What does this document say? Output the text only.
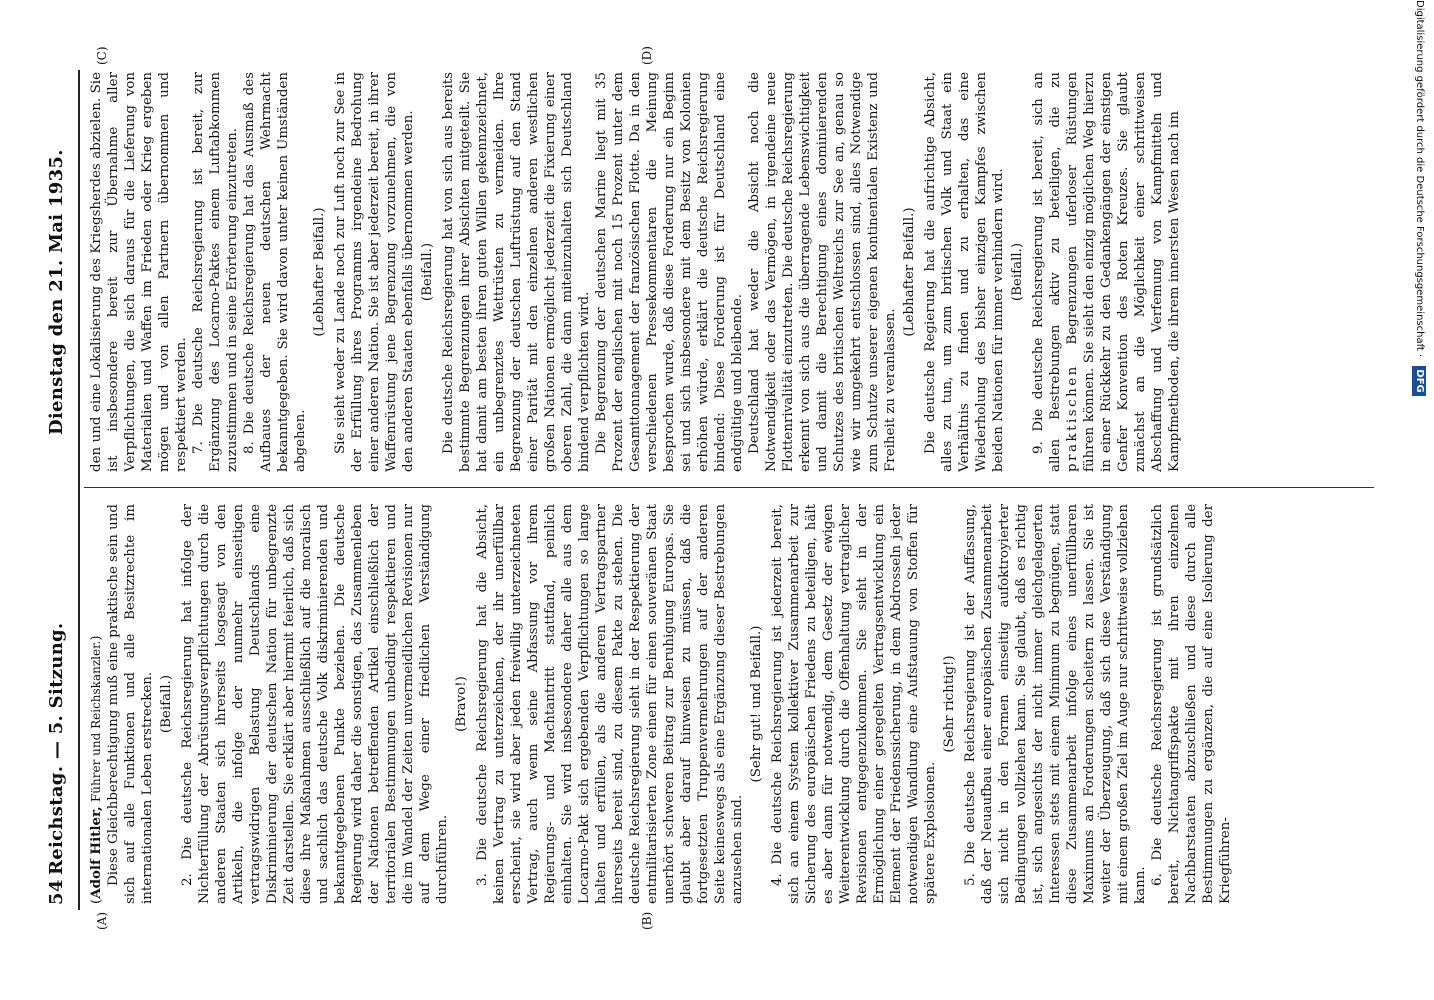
54
Reichstag. — 5. Sitzung.
Dienstag den 21. Mai 1935.
(A)	(B)
(C)	(D)

(Adolf Hitler, Führer und Reichskanzler.) Diese Gleichberechtigung muß eine praktische sein und sich auf alle Funktionen und alle Besitzrechte im internationalen Leben erstrecken. (Beifall.) 2. Die deutsche Reichsregierung hat infolge der Nichterfüllung der Abrüstungsverpflichtungen durch die anderen Staaten sich ihrerseits losgesagt von den Artikeln, die infolge der nunmehr einseitigen vertragswidrigen Belastung Deutschlands eine Diskriminierung der deutschen Nation für unbegrenzte Zeit darstellen. Sie erklärt aber hiermit feierlich, daß sich diese ihre Maßnahmen ausschließlich auf die moralisch und sachlich das deutsche Volk diskriminierenden und bekanntgegebenen Punkte beziehen. Die deutsche Regierung wird daher die sonstigen, das Zusammenleben der Nationen betreffenden Artikel einschließlich der territorialen Bestimmungen unbedingt respektieren und die im Wandel der Zeiten unvermeidlichen Revisionen nur auf dem Wege einer friedlichen Verständigung durchführen.

(Bravo!) 3. Die deutsche Reichsregierung hat die Absicht, keinen Vertrag zu unterzeichnen, der ihr unerfüllbar erscheint, sie wird aber jeden freiwillig unterzeichneten Vertrag, auch wenn seine Abfassung vor ihrem Regierungs- und Machtantritt stattfand, peinlich einhalten. Sie wird insbesondere daher alle aus dem Locarno-Pakt sich ergebenden Verpflichtungen so lange halten und erfüllen, als die anderen Vertragspartner ihrerseits bereit sind, zu diesem Pakte zu stehen. Die deutsche Reichsregierung sieht in der Respektierung der entmilitarisierten Zone einen für einen souveränen Staat unerhört schweren Beitrag zur Beruhigung Europas. Sie glaubt aber darauf hinweisen zu müssen, daß die fortgesetzten Truppenvermehrungen auf der anderen Seite keineswegs als eine Ergänzung dieser Bestrebungen anzusehen sind.

(Sehr gut! und Beifall.) 4. Die deutsche Reichsregierung ist jederzeit bereit, sich an einem System kollektiver Zusammenarbeit zur Sicherung des europäischen Friedens zu beteiligen, hält es aber dann für notwendig, dem Gesetz der ewigen Weiterentwicklung durch die Offenhaltung vertraglicher Revisionen entgegenzukommen. Sie sieht in der Ermöglichung einer geregelten Vertragsentwicklung ein Element der Friedenssicherung, in dem Abdrosseln jeder notwendigen Wandlung eine Aufstauung von Stoffen für spätere Explosionen.

(Sehr richtig!) 5. Die deutsche Reichsregierung ist der Auffassung, daß der Neuaufbau einer europäischen Zusammenarbeit sich nicht in den Formen einseitig aufoktroyierter Bedingungen vollziehen kann. Sie glaubt, daß es richtig ist, sich angesichts der nicht immer gleichgelagerten Interessen stets mit einem Minimum zu begnügen, statt diese Zusammenarbeit infolge eines unerfüllbaren Maximums an Forderungen scheitern zu lassen. Sie ist weiter der Überzeugung, daß sich diese Verständigung mit einem großen Ziel im Auge nur schrittweise vollziehen kann. 6. Die deutsche Reichsregierung ist grundsätzlich bereit, Nichtangriffspakte mit ihren einzelnen Nachbarstaaten abzuschließen und diese durch alle Bestimmungen zu ergänzen, die auf eine Isolierung der Kriegführen-

den und eine Lokalisierung des Kriegsherdes abzielen. Sie ist insbesondere bereit zur Übernahme aller Verpflichtungen, die sich daraus für die Lieferung von Materialien und Waffen im Frieden oder Krieg ergeben mögen und von allen Partnern übernommen und respektiert werden. 7. Die deutsche Reichsregierung ist bereit, zur Ergänzung des Locarno-Paktes einem Luftabkommen zuzustimmen und in seine Erörterung einzutreten. 8. Die deutsche Reichsregierung hat das Ausmaß des Aufbaues der neuen deutschen Wehrmacht bekanntgegeben. Sie wird davon unter keinen Umständen abgehen.

(Lebhafter Beifall.) Sie sieht weder zu Lande noch zur Luft noch zur See in der Erfüllung ihres Programms irgendeine Bedrohung einer anderen Nation. Sie ist aber jederzeit bereit, in ihrer Waffenrüstung jene Begrenzung vorzunehmen, die von den anderen Staaten ebenfalls übernommen werden. (Beifall.) Die deutsche Reichsregierung hat von sich aus bereits bestimmte Begrenzungen ihrer Absichten mitgeteilt. Sie hat damit am besten ihren guten Willen gekennzeichnet, ein unbegrenztes Wettrüsten zu vermeiden. Ihre Begrenzung der deutschen Luftrüstung auf den Stand einer Parität mit den einzelnen anderen westlichen großen Nationen ermöglicht jederzeit die Fixierung einer oberen Zahl, die dann miteinzuhalten sich Deutschland bindend verpflichten wird. Die Begrenzung der deutschen Marine liegt mit 35 Prozent der englischen mit noch 15 Prozent unter dem Gesamttonnagement der französischen Flotte. Da in den verschiedenen Pressekommentaren die Meinung besprochen wurde, daß diese Forderung nur ein Beginn sei und sich insbesondere mit dem Besitz von Kolonien erhöhen würde, erklärt die deutsche Reichsregierung bindend: Diese Forderung ist für Deutschland eine endgültige und bleibende. Deutschland hat weder die Absicht noch die Notwendigkeit oder das Vermögen, in irgendeine neue Flottenrivalität einzutreten. Die deutsche Reichsregierung erkennt von sich aus die überragende Lebenswichtigkeit und damit die Berechtigung eines dominierenden Schutzes des britischen Weltreichs zur See an, genau so wie wir umgekehrt entschlossen sind, alles Notwendige zum Schutze unserer eigenen kontinentalen Existenz und Freiheit zu veranlassen.

(Lebhafter Beifall.) Die deutsche Regierung hat die aufrichtige Absicht, alles zu tun, um zum britischen Volk und Staat ein Verhältnis zu finden und zu erhalten, das eine Wiederholung des bisher einzigen Kampfes zwischen beiden Nationen für immer verhindern wird. (Beifall.) 9. Die deutsche Reichsregierung ist bereit, sich an allen Bestrebungen aktiv zu beteiligen, die zu praktischen Begrenzungen uferloser Rüstungen führen können. Sie sieht den einzig möglichen Weg hierzu in einer Rückkehr zu den Gedankengängen der einstigen Genfer Konvention des Roten Kreuzes. Sie glaubt zunächst an die Möglichkeit einer schrittweisen Abschaffung und Verfemung von Kampfmitteln und Kampfmethoden, die ihrem innersten Wesen nach im	Digitalisierung gefördert durch die Deutsche Forschungsgemeinschaft · DFG
